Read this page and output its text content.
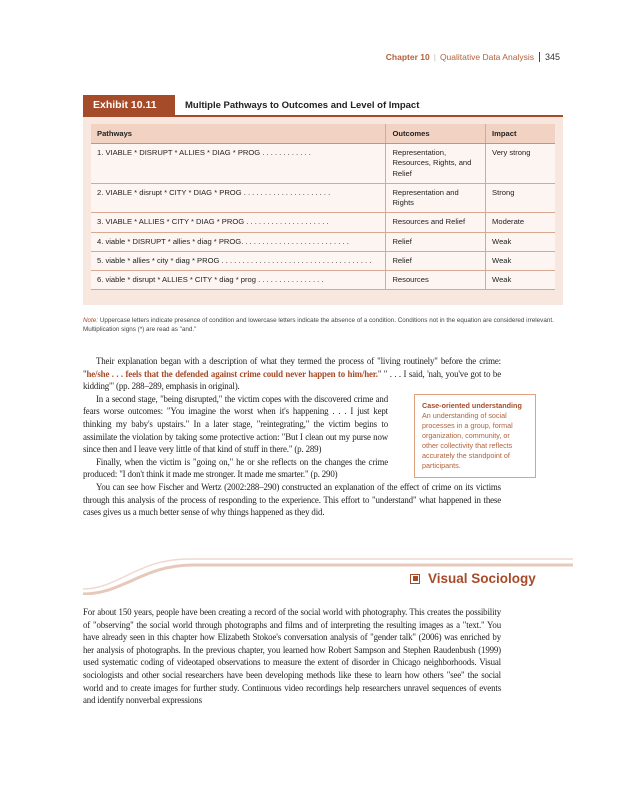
Chapter 10 | Qualitative Data Analysis	345
Exhibit 10.11	Multiple Pathways to Outcomes and Level of Impact
Pathways	Outcomes	Impact
1. VIABLE * DISRUPT * ALLIES * DIAG * PROG . . . . . . . . . . . .	Representation, Resources, Rights, and Relief	Very strong
2. VIABLE * disrupt * CITY * DIAG * PROG . . . . . . . . . . . . . . . . . . . . .	Representation and Rights	Strong
3. VIABLE * ALLIES * CITY * DIAG * PROG . . . . . . . . . . . . . . . . . . . .	Resources and Relief	Moderate
4. viable * DISRUPT * allies * diag * PROG. . . . . . . . . . . . . . . . . . . . . . . . . .	Relief	Weak
5. viable * allies * city * diag * PROG . . . . . . . . . . . . . . . . . . . . . . . . . . . . . . . . . . . .	Relief	Weak
6. viable * disrupt * ALLIES * CITY * diag * prog . . . . . . . . . . . . . . . .	Resources	Weak
Note: Uppercase letters indicate presence of condition and lowercase letters indicate the absence of a condition. Conditions not in the equation are considered irrelevant. Multiplication signs (*) are read as "and."

Their explanation began with a description of what they termed the process of "living routinely" before the crime: "he/she . . . feels that the defended against crime could never happen to him/her." " . . . I said, 'nah, you've got to be kidding'" (pp. 288–289, emphasis in original).

In a second stage, "being disrupted," the victim copes with the discovered crime and fears worse outcomes: "You imagine the worst when it's happening . . . I just kept thinking my baby's upstairs." In a later stage, "reintegrating," the victim begins to assimilate the violation by taking some protective action: "But I clean out my purse now since then and I leave very little of that kind of stuff in there." (p. 289)

Finally, when the victim is "going on," he or she reflects on the changes the crime produced: "I don't think it made me stronger. It made me smarter." (p. 290)

You can see how Fischer and Wertz (2002:288–290) constructed an explanation of the effect of crime on its victims through this analysis of the process of responding to the experience. This effort to "understand" what happened in these cases gives us a much better sense of why things happened as they did.

Case-oriented understanding An understanding of social processes in a group, formal organization, community, or other collectivity that reflects accurately the standpoint of participants.
Visual Sociology

For about 150 years, people have been creating a record of the social world with photography. This creates the possibility of "observing" the social world through photographs and films and of interpreting the resulting images as a "text." You have already seen in this chapter how Elizabeth Stokoe's conversation analysis of "gender talk" (2006) was enriched by her analysis of photographs. In the previous chapter, you learned how Robert Sampson and Stephen Raudenbush (1999) used systematic coding of videotaped observations to measure the extent of disorder in Chicago neighborhoods. Visual sociologists and other social researchers have been developing methods like these to learn how others "see" the social world and to create images for further study. Continuous video recordings help researchers unravel sequences of events and identify nonverbal expressions
